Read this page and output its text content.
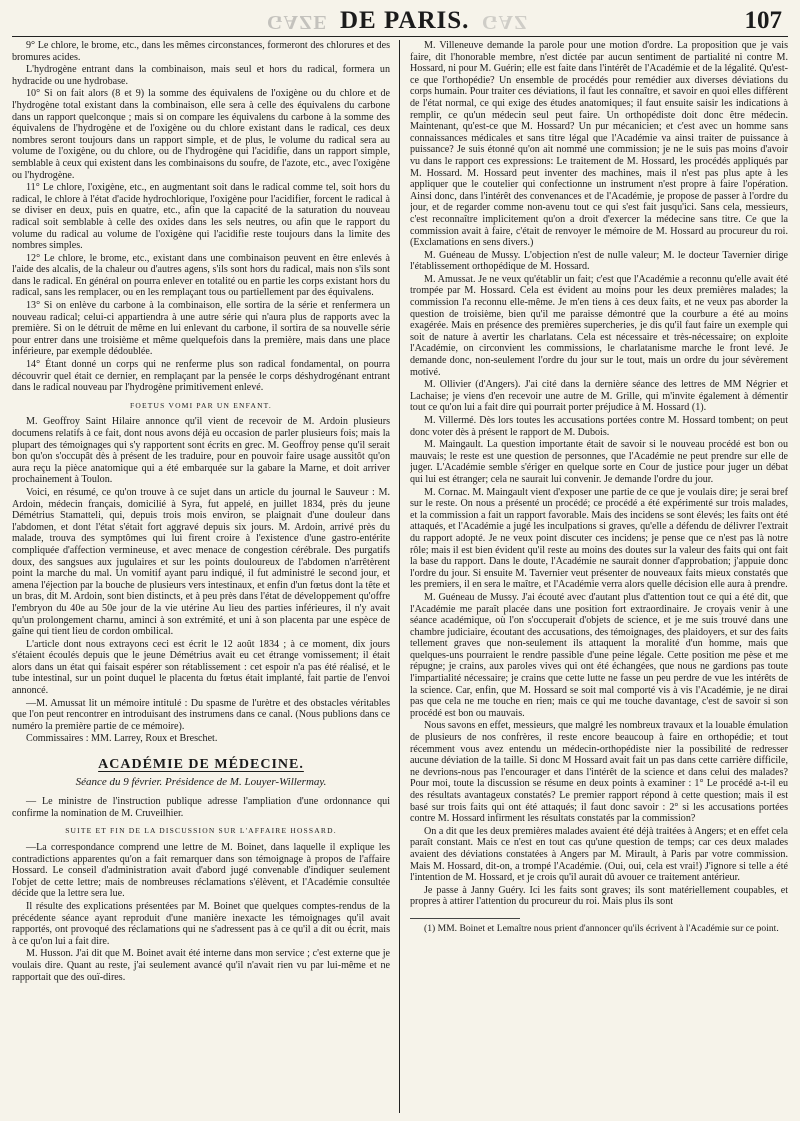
GAZE DE PARIS. GAZ	107

9° Le chlore, le brome, etc., dans les mêmes circonstances, formeront des chlorures et des bromures acides.

L'hydrogène entrant dans la combinaison, mais seul et hors du radical, formera un hydracide ou une hydrobase.

10° Si on fait alors (8 et 9) la somme des équivalens de l'oxigène ou du chlore et de l'hydrogène total existant dans la combinaison, elle sera à celle des équivalens du carbone dans un rapport quelconque ; mais si on compare les équivalens du carbone à la somme des équivalens de l'hydrogène et de l'oxigène ou du chlore existant dans le radical, ces deux nombres seront toujours dans un rapport simple, et de plus, le volume du radical sera au volume de l'oxigène, ou du chlore, ou de l'hydrogène qui l'acidifie, dans un rapport simple, semblable à ceux qui existent dans les combinaisons du soufre, de l'azote, etc., avec l'oxigène ou l'hydrogène.

11° Le chlore, l'oxigène, etc., en augmentant soit dans le radical comme tel, soit hors du radical, le chlore à l'état d'acide hydrochlorique, l'oxigène pour l'acidifier, forcent le radical à se diviser en deux, puis en quatre, etc., afin que la capacité de la saturation du nouveau radical soit semblable à celle des oxides dans les sels neutres, ou afin que le rapport du volume du radical au volume de l'oxigène qui l'acidifie reste toujours dans la limite des nombres simples.

12° Le chlore, le brome, etc., existant dans une combinaison peuvent en être enlevés à l'aide des alcalis, de la chaleur ou d'autres agens, s'ils sont hors du radical, mais non s'ils sont dans le radical. En général on pourra enlever en totalité ou en partie les corps existant hors du radical, sans les remplacer, ou en les remplaçant tous ou partiellement par des équivalens.

13° Si on enlève du carbone à la combinaison, elle sortira de la série et renfermera un nouveau radical; celui-ci appartiendra à une autre série qui n'aura plus de rapports avec la première. Si on le détruit de même en lui enlevant du carbone, il sortira de sa nouvelle série pour entrer dans une troisième et même quelquefois dans la première, mais dans une place inférieure, par exemple dédoublée.

14° Étant donné un corps qui ne renferme plus son radical fondamental, on pourra découvrir quel était ce dernier, en remplaçant par la pensée le corps déshydrogénant entrant dans le radical nouveau par l'hydrogène primitivement enlevé.

FOETUS VOMI PAR UN ENFANT.

M. Geoffroy Saint Hilaire annonce qu'il vient de recevoir de M. Ardoin plusieurs documens relatifs à ce fait, dont nous avons déjà eu occasion de parler plusieurs fois; mais la plupart des témoignages qui s'y rapportent sont écrits en grec. M. Geoffroy pense qu'il serait bon qu'on s'occupât dès à présent de les traduire, pour en pouvoir faire usage aussitôt qu'on aura reçu la pièce anatomique qui a été embarquée sur la gabare la Marne, et doit arriver prochainement à Toulon.

Voici, en résumé, ce qu'on trouve à ce sujet dans un article du journal le Sauveur : M. Ardoin, médecin français, domicilié à Syra, fut appelé, en juillet 1834, près du jeune Démétrius Stamatteli, qui, depuis trois mois environ, se plaignait d'une douleur dans l'abdomen, et dont l'état s'était fort aggravé depuis six jours. M. Ardoin, arrivé près du malade, trouva des symptômes qui lui firent croire à l'existence d'une gastro-entérite compliquée d'affection vermineuse, et avec menace de congestion cérébrale. Des purgatifs doux, des sangsues aux jugulaires et sur les points douloureux de l'abdomen n'arrêtèrent point la marche du mal. Un vomitif ayant paru indiqué, il fut administré le second jour, et amena l'éjection par la bouche de plusieurs vers intestinaux, et enfin d'un fœtus dont la tête et un bras, dit M. Ardoin, sont bien distincts, et à peu près dans l'état de développement qu'offre l'embryon du 40e au 50e jour de la vie utérine Au lieu des parties inférieures, il n'y avait qu'un prolongement charnu, aminci à son extrémité, et uni à son placenta par une espèce de gaîne qui tient lieu de cordon ombilical.

L'article dont nous extrayons ceci est écrit le 12 août 1834 ; à ce moment, dix jours s'étaient écoulés depuis que le jeune Démétrius avait eu cet étrange vomissement; il était alors dans un état qui faisait espérer son rétablissement : cet espoir n'a pas été réalisé, et le tube intestinal, sur un point duquel le placenta du fœtus était implanté, fait partie de l'envoi annoncé.

—M. Amussat lit un mémoire intitulé : Du spasme de l'urètre et des obstacles véritables que l'on peut rencontrer en introduisant des instrumens dans ce canal. (Nous publions dans ce numéro la première partie de ce mémoire).

Commissaires : MM. Larrey, Roux et Breschet.

ACADÉMIE DE MÉDECINE.
Séance du 9 février. Présidence de M. Louyer-Willermay.

— Le ministre de l'instruction publique adresse l'ampliation d'une ordonnance qui confirme la nomination de M. Cruveilhier.

SUITE ET FIN DE LA DISCUSSION SUR L'AFFAIRE HOSSARD.

—La correspondance comprend une lettre de M. Boinet, dans laquelle il explique les contradictions apparentes qu'on a fait remarquer dans son témoignage à propos de l'affaire Hossard. Le conseil d'administration avait d'abord jugé convenable d'indiquer seulement l'objet de cette lettre; mais de nombreuses réclamations s'élèvent, et l'Académie consultée décide que la lettre sera lue.

Il résulte des explications présentées par M. Boinet que quelques comptes-rendus de la précédente séance ayant reproduit d'une manière inexacte les témoignages qu'il avait rapportés, ont provoqué des réclamations qui ne s'adressent pas à ce qu'il a dit ou écrit, mais à ce qu'on lui a fait dire.

M. Husson. J'ai dit que M. Boinet avait été interne dans mon service ; c'est externe que je voulais dire. Quant au reste, j'ai seulement avancé qu'il n'avait rien vu par lui-même et ne rapportait que des ouï-dires.

M. Villeneuve demande la parole pour une motion d'ordre. La proposition que je vais faire, dit l'honorable membre, n'est dictée par aucun sentiment de partialité ni contre M. Hossard, ni pour M. Guérin; elle est faite dans l'intérêt de l'Académie et de la légalité. Qu'est-ce que l'orthopédie? Un ensemble de procédés pour remédier aux diverses déviations du corps humain. Pour traiter ces déviations, il faut les connaître, et savoir en quoi elles diffèrent de l'état normal, ce qui exige des études anatomiques; il faut ensuite saisir les indications à remplir, ce qu'un médecin seul peut faire. Un orthopédiste doit donc être médecin. Maintenant, qu'est-ce que M. Hossard? Un pur mécanicien; et c'est avec un homme sans connaissances médicales et sans titre légal que l'Académie va ainsi traiter de puissance à puissance? Je suis étonné qu'on ait nommé une commission; je ne le suis pas moins d'avoir vu dans le rapport ces expressions: Le traitement de M. Hossard, les procédés appliqués par M. Hossard. M. Hossard peut inventer des machines, mais il n'est pas plus apte à les appliquer que le coutelier qui confectionne un instrument n'est propre à faire l'opération. Ainsi donc, dans l'intérêt des convenances et de l'Académie, je propose de passer à l'ordre du jour, et de regarder comme non-avenu tout ce qui s'est fait jusqu'ici. Sans cela, messieurs, c'est reconnaître implicitement qu'on a droit d'exercer la médecine sans titre. Ce que la commission avait à faire, c'était de renvoyer le mémoire de M. Hossard au procureur du roi. (Exclamations en sens divers.)

M. Guéneau de Mussy. L'objection n'est de nulle valeur; M. le docteur Tavernier dirige l'établissement orthopédique de M. Hossard.

M. Amussat. Je ne veux qu'établir un fait; c'est que l'Académie a reconnu qu'elle avait été trompée par M. Hossard. Cela est évident au moins pour les deux premières malades; la commission l'a reconnu elle-même. Je m'en tiens à ces deux faits, et ne veux pas aborder la question de troisième, bien qu'il me paraisse démontré que la courbure a été au moins exagérée. Mais en présence des premières supercheries, je dis qu'il faut faire un exemple qui soit de nature à avertir les charlatans. Cela est nécessaire et très-nécessaire; on exploite l'Académie, on circonvient les commissions, le charlatanisme marche le front levé. Je demande donc, non-seulement l'ordre du jour sur le tout, mais un ordre du jour sévèrement motivé.

M. Ollivier (d'Angers). J'ai cité dans la dernière séance des lettres de MM Négrier et Lachaise; je viens d'en recevoir une autre de M. Grille, qui m'invite également à démentir tout ce qu'on lui a fait dire qui pourrait porter préjudice à M. Hossard (1).

M. Villermé. Dès lors toutes les accusations portées contre M. Hossard tombent; on peut donc voter dès à présent le rapport de M. Dubois.

M. Maingault. La question importante était de savoir si le nouveau procédé est bon ou mauvais; le reste est une question de personnes, que l'Académie ne peut prendre sur elle de juger. L'Académie semble s'ériger en quelque sorte en Cour de justice pour juger un débat qui lui est étranger; cela ne saurait lui convenir. Je demande l'ordre du jour.

M. Cornac. M. Maingault vient d'exposer une partie de ce que je voulais dire; je serai bref sur le reste. On nous a présenté un procédé; ce procédé a été expérimenté sur trois malades, et la commission a fait un rapport favorable. Mais des incidens se sont élevés; les faits ont été attaqués, et l'Académie a jugé les inculpations si graves, qu'elle a défendu de délivrer l'extrait du rapport adopté. Je ne veux point discuter ces incidens; je pense que ce n'est pas là notre rôle; mais il est bien évident qu'il reste au moins des doutes sur la valeur des faits qui ont fait la base du rapport. Dans le doute, l'Académie ne saurait donner d'approbation; j'appuie donc l'ordre du jour. Si ensuite M. Tavernier veut présenter de nouveaux faits mieux constatés que les premiers, il en sera le maître, et l'Académie verra alors quelle décision elle aura à prendre.

M. Guéneau de Mussy. J'ai écouté avec d'autant plus d'attention tout ce qui a été dit, que l'Académie me paraît placée dans une position fort extraordinaire. Je croyais venir à une séance académique, où l'on s'occuperait d'objets de science, et je me suis trouvé dans une chambre judiciaire, écoutant des accusations, des témoignages, des plaidoyers, et sur des faits tellement graves que non-seulement ils attaquent la moralité d'un homme, mais que quelques-uns pourraient le rendre passible d'une peine légale. Cette position me pèse et me répugne; je crains, aux paroles vives qui ont été échangées, que nous ne gardions pas toute l'impartialité nécessaire; je crains que cette lutte ne fasse un peu perdre de vue les intérêts de la science. Car, enfin, que M. Hossard se soit mal comporté vis à vis l'Académie, je ne dirai pas que cela ne me touche en rien; mais ce qui me touche davantage, c'est de savoir si son procédé est bon ou mauvais.

Nous savons en effet, messieurs, que malgré les nombreux travaux et la louable émulation de plusieurs de nos confrères, il reste encore beaucoup à faire en orthopédie; et tout récemment vous avez entendu un médecin-orthopédiste nier la possibilité de redresser aucune déviation de la taille. Si donc M Hossard avait fait un pas dans cette carrière difficile, ne devrions-nous pas l'encourager et dans l'intérêt de la science et dans celui des malades? Pour moi, toute la discussion se résume en deux points à examiner : 1° Le procédé a-t-il eu des résultats avantageux constatés? Le premier rapport répond à cette question; mais il est basé sur trois faits qui ont été attaqués; il faut donc savoir : 2° si les accusations portées contre M. Hossard infirment les résultats constatés par la commission?

On a dit que les deux premières malades avaient été déjà traitées à Angers; et en effet cela paraît constant. Mais ce n'est en tout cas qu'une question de temps; car ces deux malades avaient des déviations constatées à Angers par M. Mirault, à Paris par votre commission. Mais M. Hossard, dit-on, a trompé l'Académie. (Oui, oui, cela est vrai!) J'ignore si telle a été l'intention de M. Hossard, et je crois qu'il aurait dû avouer ce traitement antérieur.

Je passe à Janny Guéry. Ici les faits sont graves; ils sont matériellement coupables, et propres à attirer l'attention du procureur du roi. Mais plus ils sont

(1) MM. Boinet et Lemaître nous prient d'annoncer qu'ils écrivent à l'Académie sur ce point.
